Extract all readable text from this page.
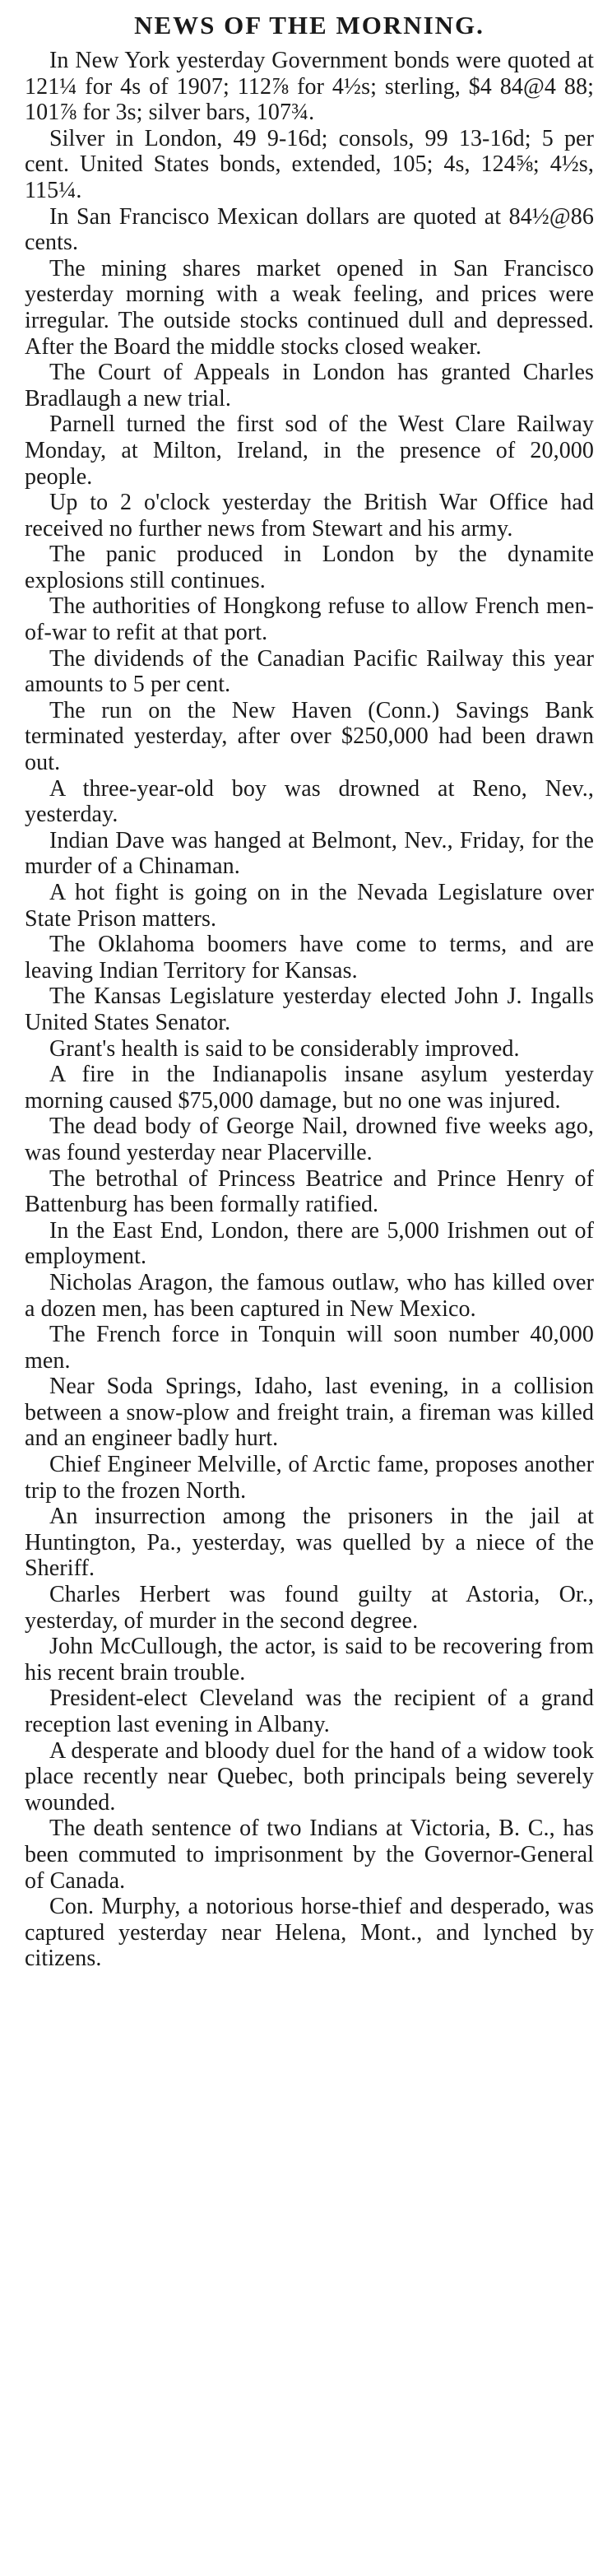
NEWS OF THE MORNING.

In New York yesterday Government bonds were quoted at 121¼ for 4s of 1907; 112⅞ for 4½s; sterling, $4 84@4 88; 101⅞ for 3s; silver bars, 107¾.

Silver in London, 49 9-16d; consols, 99 13-16d; 5 per cent. United States bonds, extended, 105; 4s, 124⅝; 4½s, 115¼.

In San Francisco Mexican dollars are quoted at 84½@86 cents.

The mining shares market opened in San Francisco yesterday morning with a weak feeling, and prices were irregular. The outside stocks continued dull and depressed. After the Board the middle stocks closed weaker.

The Court of Appeals in London has granted Charles Bradlaugh a new trial.

Parnell turned the first sod of the West Clare Railway Monday, at Milton, Ireland, in the presence of 20,000 people.

Up to 2 o'clock yesterday the British War Office had received no further news from Stewart and his army.

The panic produced in London by the dynamite explosions still continues.

The authorities of Hongkong refuse to allow French men-of-war to refit at that port.

The dividends of the Canadian Pacific Railway this year amounts to 5 per cent.

The run on the New Haven (Conn.) Savings Bank terminated yesterday, after over $250,000 had been drawn out.

A three-year-old boy was drowned at Reno, Nev., yesterday.

Indian Dave was hanged at Belmont, Nev., Friday, for the murder of a Chinaman.

A hot fight is going on in the Nevada Legislature over State Prison matters.

The Oklahoma boomers have come to terms, and are leaving Indian Territory for Kansas.

The Kansas Legislature yesterday elected John J. Ingalls United States Senator.

Grant's health is said to be considerably improved.

A fire in the Indianapolis insane asylum yesterday morning caused $75,000 damage, but no one was injured.

The dead body of George Nail, drowned five weeks ago, was found yesterday near Placerville.

The betrothal of Princess Beatrice and Prince Henry of Battenburg has been formally ratified.

In the East End, London, there are 5,000 Irishmen out of employment.

Nicholas Aragon, the famous outlaw, who has killed over a dozen men, has been captured in New Mexico.

The French force in Tonquin will soon number 40,000 men.

Near Soda Springs, Idaho, last evening, in a collision between a snow-plow and freight train, a fireman was killed and an engineer badly hurt.

Chief Engineer Melville, of Arctic fame, proposes another trip to the frozen North.

An insurrection among the prisoners in the jail at Huntington, Pa., yesterday, was quelled by a niece of the Sheriff.

Charles Herbert was found guilty at Astoria, Or., yesterday, of murder in the second degree.

John McCullough, the actor, is said to be recovering from his recent brain trouble.

President-elect Cleveland was the recipient of a grand reception last evening in Albany.

A desperate and bloody duel for the hand of a widow took place recently near Quebec, both principals being severely wounded.

The death sentence of two Indians at Victoria, B. C., has been commuted to imprisonment by the Governor-General of Canada.

Con. Murphy, a notorious horse-thief and desperado, was captured yesterday near Helena, Mont., and lynched by citizens.
